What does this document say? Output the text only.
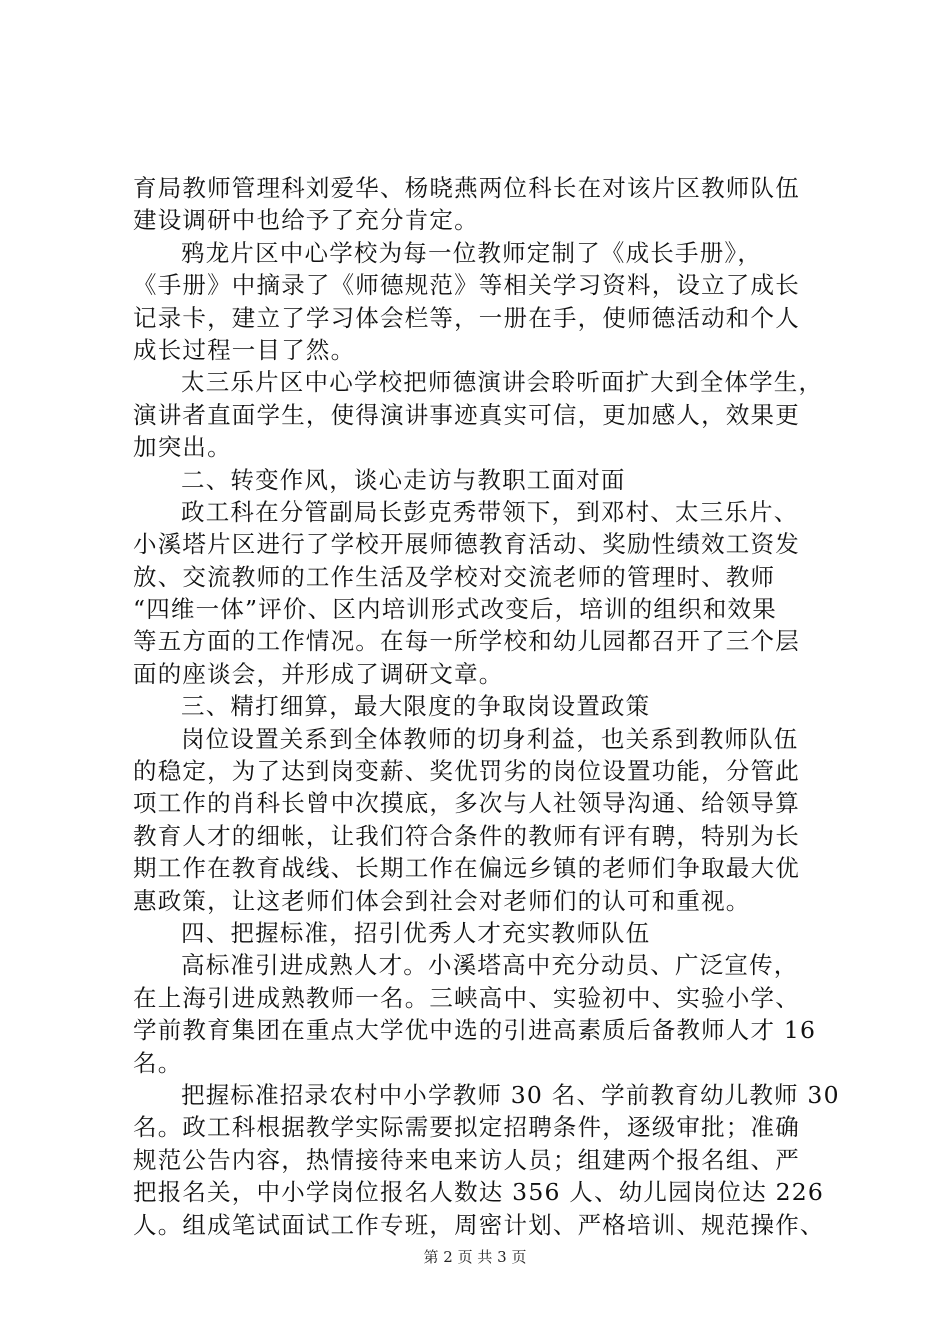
育局教师管理科刘爱华、杨晓燕两位科长在对该片区教师队伍
建设调研中也给予了充分肯定。
鸦龙片区中心学校为每一位教师定制了《成长手册》，
《手册》中摘录了《师德规范》等相关学习资料，设立了成长
记录卡，建立了学习体会栏等，一册在手，使师德活动和个人
成长过程一目了然。
太三乐片区中心学校把师德演讲会聆听面扩大到全体学生，
演讲者直面学生，使得演讲事迹真实可信，更加感人，效果更
加突出。
二、转变作风，谈心走访与教职工面对面
政工科在分管副局长彭克秀带领下，到邓村、太三乐片、
小溪塔片区进行了学校开展师德教育活动、奖励性绩效工资发
放、交流教师的工作生活及学校对交流老师的管理时、教师
“四维一体”评价、区内培训形式改变后，培训的组织和效果
等五方面的工作情况。在每一所学校和幼儿园都召开了三个层
面的座谈会，并形成了调研文章。
三、精打细算，最大限度的争取岗设置政策
岗位设置关系到全体教师的切身利益，也关系到教师队伍
的稳定，为了达到岗变薪、奖优罚劣的岗位设置功能，分管此
项工作的肖科长曾中次摸底，多次与人社领导沟通、给领导算
教育人才的细帐，让我们符合条件的教师有评有聘，特别为长
期工作在教育战线、长期工作在偏远乡镇的老师们争取最大优
惠政策，让这老师们体会到社会对老师们的认可和重视。
四、把握标准，招引优秀人才充实教师队伍
高标准引进成熟人才。小溪塔高中充分动员、广泛宣传，
在上海引进成熟教师一名。三峡高中、实验初中、实验小学、
学前教育集团在重点大学优中选的引进高素质后备教师人才 16
名。
把握标准招录农村中小学教师 30 名、学前教育幼儿教师 30
名。政工科根据教学实际需要拟定招聘条件，逐级审批；准确
规范公告内容，热情接待来电来访人员；组建两个报名组、严
把报名关，中小学岗位报名人数达 356 人、幼儿园岗位达 226
人。组成笔试面试工作专班，周密计划、严格培训、规范操作、
第 2 页 共 3 页
